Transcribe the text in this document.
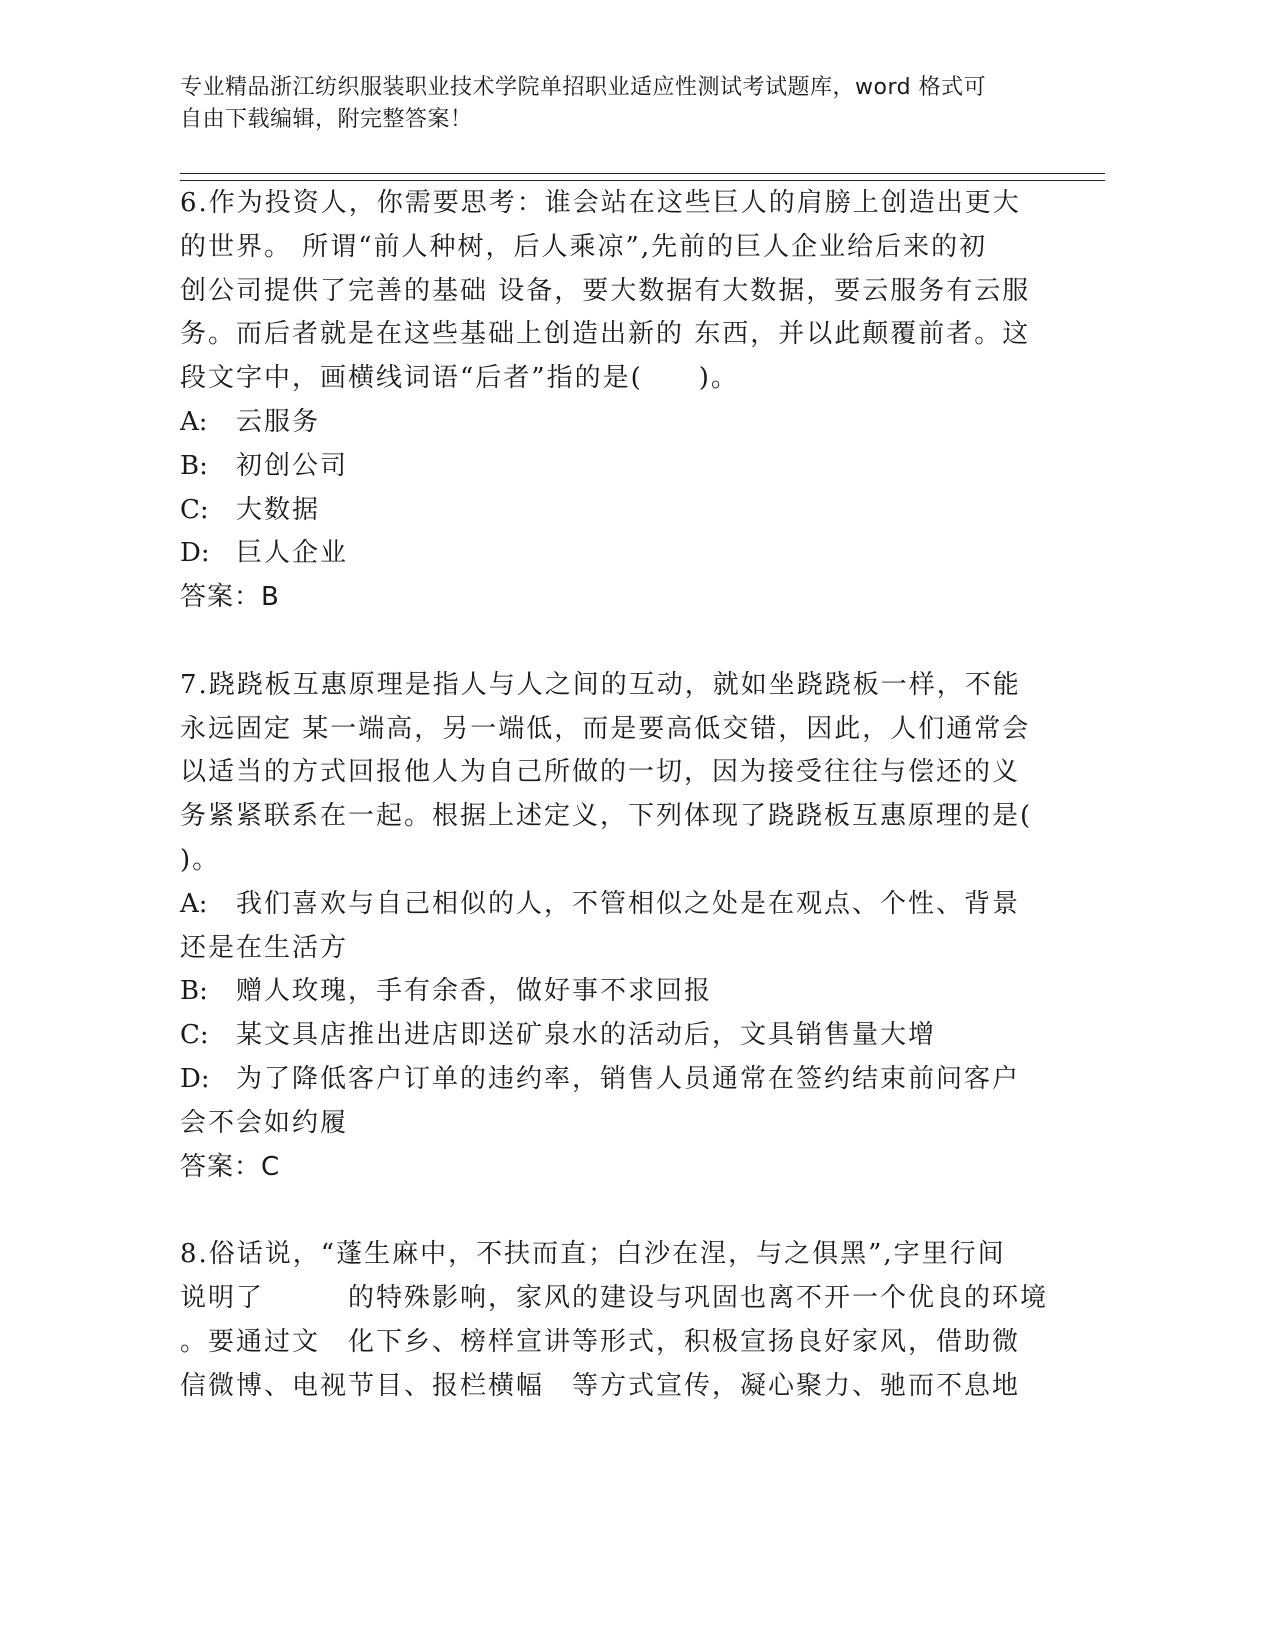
专业精品浙江纺织服装职业技术学院单招职业适应性测试考试题库，word 格式可
自由下载编辑，附完整答案！
6.作为投资人，你需要思考：谁会站在这些巨人的肩膀上创造出更大
的世界。 所谓“前人种树，后人乘凉”,先前的巨人企业给后来的初
创公司提供了完善的基础 设备，要大数据有大数据，要云服务有云服
务。而后者就是在这些基础上创造出新的 东西，并以此颠覆前者。这
段文字中，画横线词语“后者”指的是(　　)。
A: 云服务
B: 初创公司
C: 大数据
D: 巨人企业
答案：B
7.跷跷板互惠原理是指人与人之间的互动，就如坐跷跷板一样，不能
永远固定 某一端高，另一端低，而是要高低交错，因此，人们通常会
以适当的方式回报他人为自己所做的一切，因为接受往往与偿还的义
务紧紧联系在一起。根据上述定义，下列体现了跷跷板互惠原理的是(
)。
A: 我们喜欢与自己相似的人，不管相似之处是在观点、个性、背景
还是在生活方
B: 赠人玫瑰，手有余香，做好事不求回报
C: 某文具店推出进店即送矿泉水的活动后，文具销售量大增
D: 为了降低客户订单的违约率，销售人员通常在签约结束前问客户
会不会如约履
答案：C
8.俗话说，“蓬生麻中，不扶而直；白沙在涅，与之俱黑”,字里行间
说明了　　　的特殊影响，家风的建设与巩固也离不开一个优良的环境
。要通过文　化下乡、榜样宣讲等形式，积极宣扬良好家风，借助微
信微博、电视节目、报栏横幅　等方式宣传，凝心聚力、驰而不息地
